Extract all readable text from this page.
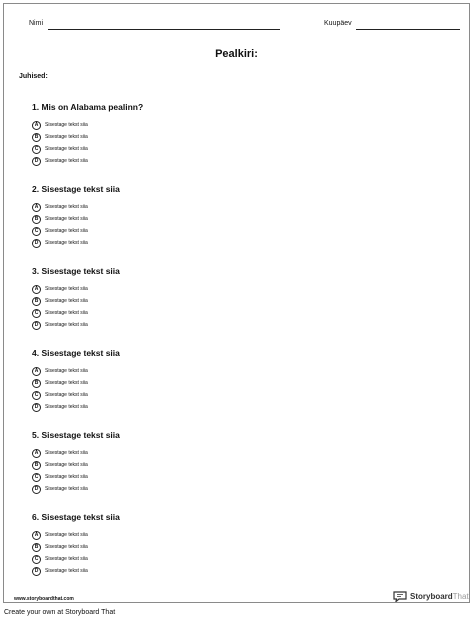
Nimi	Kuupäev
Pealkiri:
Juhised:
1. Mis on Alabama pealinn?
A	Sisestage tekst siia
B	Sisestage tekst siia
C	Sisestage tekst siia
D	Sisestage tekst siia
2. Sisestage tekst siia
A	Sisestage tekst siia
B	Sisestage tekst siia
C	Sisestage tekst siia
D	Sisestage tekst siia
3. Sisestage tekst siia
A	Sisestage tekst siia
B	Sisestage tekst siia
C	Sisestage tekst siia
D	Sisestage tekst siia
4. Sisestage tekst siia
A	Sisestage tekst siia
B	Sisestage tekst siia
C	Sisestage tekst siia
D	Sisestage tekst siia
5. Sisestage tekst siia
A	Sisestage tekst siia
B	Sisestage tekst siia
C	Sisestage tekst siia
D	Sisestage tekst siia
6. Sisestage tekst siia
A	Sisestage tekst siia
B	Sisestage tekst siia
C	Sisestage tekst siia
D	Sisestage tekst siia
www.storyboardthat.com	StoryboardThat
Create your own at Storyboard That
